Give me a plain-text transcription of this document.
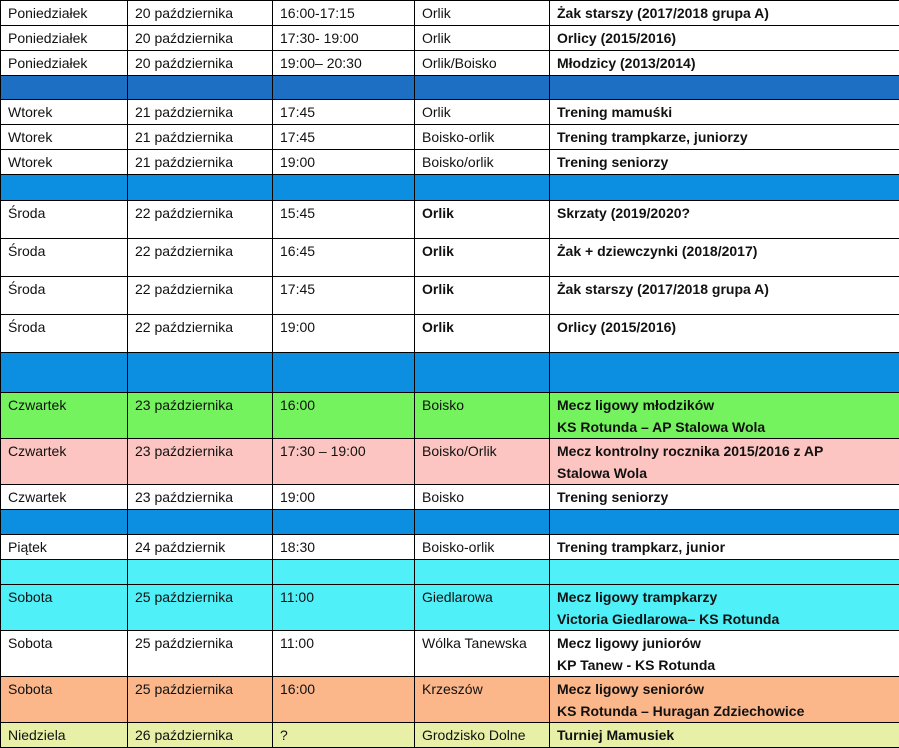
Poniedziałek	20 października	16:00-17:15	Orlik	Żak starszy (2017/2018 grupa A)
Poniedziałek	20 października	17:30- 19:00	Orlik	Orlicy (2015/2016)
Poniedziałek	20 października	19:00– 20:30	Orlik/Boisko	Młodzicy (2013/2014)

Wtorek	21 października	17:45	Orlik	Trening mamuśki
Wtorek	21 października	17:45	Boisko-orlik	Trening trampkarze, juniorzy
Wtorek	21 października	19:00	Boisko/orlik	Trening seniorzy

Środa	22 października	15:45	Orlik	Skrzaty (2019/2020?
Środa	22 października	16:45	Orlik	Żak + dziewczynki (2018/2017)
Środa	22 października	17:45	Orlik	Żak starszy (2017/2018 grupa A)
Środa	22 października	19:00	Orlik	Orlicy (2015/2016)

Czwartek	23 października	16:00	Boisko	Mecz ligowy młodzików
KS Rotunda – AP Stalowa Wola
Czwartek	23 października	17:30 – 19:00	Boisko/Orlik	Mecz kontrolny rocznika 2015/2016 z AP
Stalowa Wola
Czwartek	23 października	19:00	Boisko	Trening seniorzy

Piątek	24 październik	18:30	Boisko-orlik	Trening trampkarz, junior

Sobota	25 października	11:00	Giedlarowa	Mecz ligowy trampkarzy
Victoria Giedlarowa– KS Rotunda
Sobota	25 października	11:00	Wólka Tanewska	Mecz ligowy juniorów
KP Tanew - KS Rotunda
Sobota	25 października	16:00	Krzeszów	Mecz ligowy seniorów
KS Rotunda – Huragan Zdziechowice
Niedziela	26 października	?	Grodzisko Dolne	Turniej Mamusiek
